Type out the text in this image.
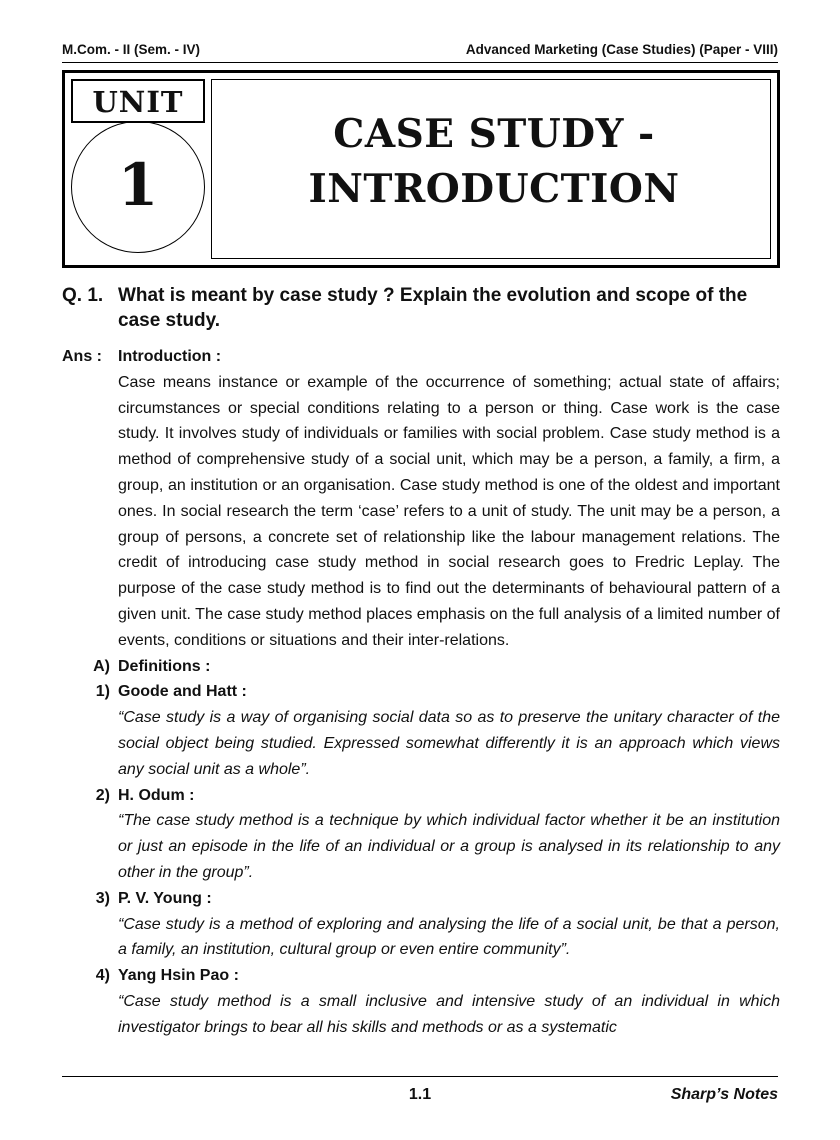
M.Com. - II (Sem. - IV)	Advanced Marketing (Case Studies) (Paper - VIII)
UNIT
1
CASE STUDY -
INTRODUCTION
Q. 1. What is meant by case study ? Explain the evolution and scope of the case study.
Ans : Introduction :
Case means instance or example of the occurrence of something; actual state of affairs; circumstances or special conditions relating to a person or thing. Case work is the case study. It involves study of individuals or families with social problem. Case study method is a method of comprehensive study of a social unit, which may be a person, a family, a firm, a group, an institution or an organisation. Case study method is one of the oldest and important ones. In social research the term ‘case’ refers to a unit of study. The unit may be a person, a group of persons, a concrete set of relationship like the labour management relations. The credit of introducing case study method in social research goes to Fredric Leplay. The purpose of the case study method is to find out the determinants of behavioural pattern of a given unit. The case study method places emphasis on the full analysis of a limited number of events, conditions or situations and their inter-relations.
A) Definitions :
1) Goode and Hatt :
“Case study is a way of organising social data so as to preserve the unitary character of the social object being studied. Expressed somewhat differently it is an approach which views any social unit as a whole”.
2) H. Odum :
“The case study method is a technique by which individual factor whether it be an institution or just an episode in the life of an individual or a group is analysed in its relationship to any other in the group”.
3) P. V. Young :
“Case study is a method of exploring and analysing the life of a social unit, be that a person, a family, an institution, cultural group or even entire community”.
4) Yang Hsin Pao :
“Case study method is a small inclusive and intensive study of an individual in which investigator brings to bear all his skills and methods or as a systematic
1.1	Sharp’s Notes
